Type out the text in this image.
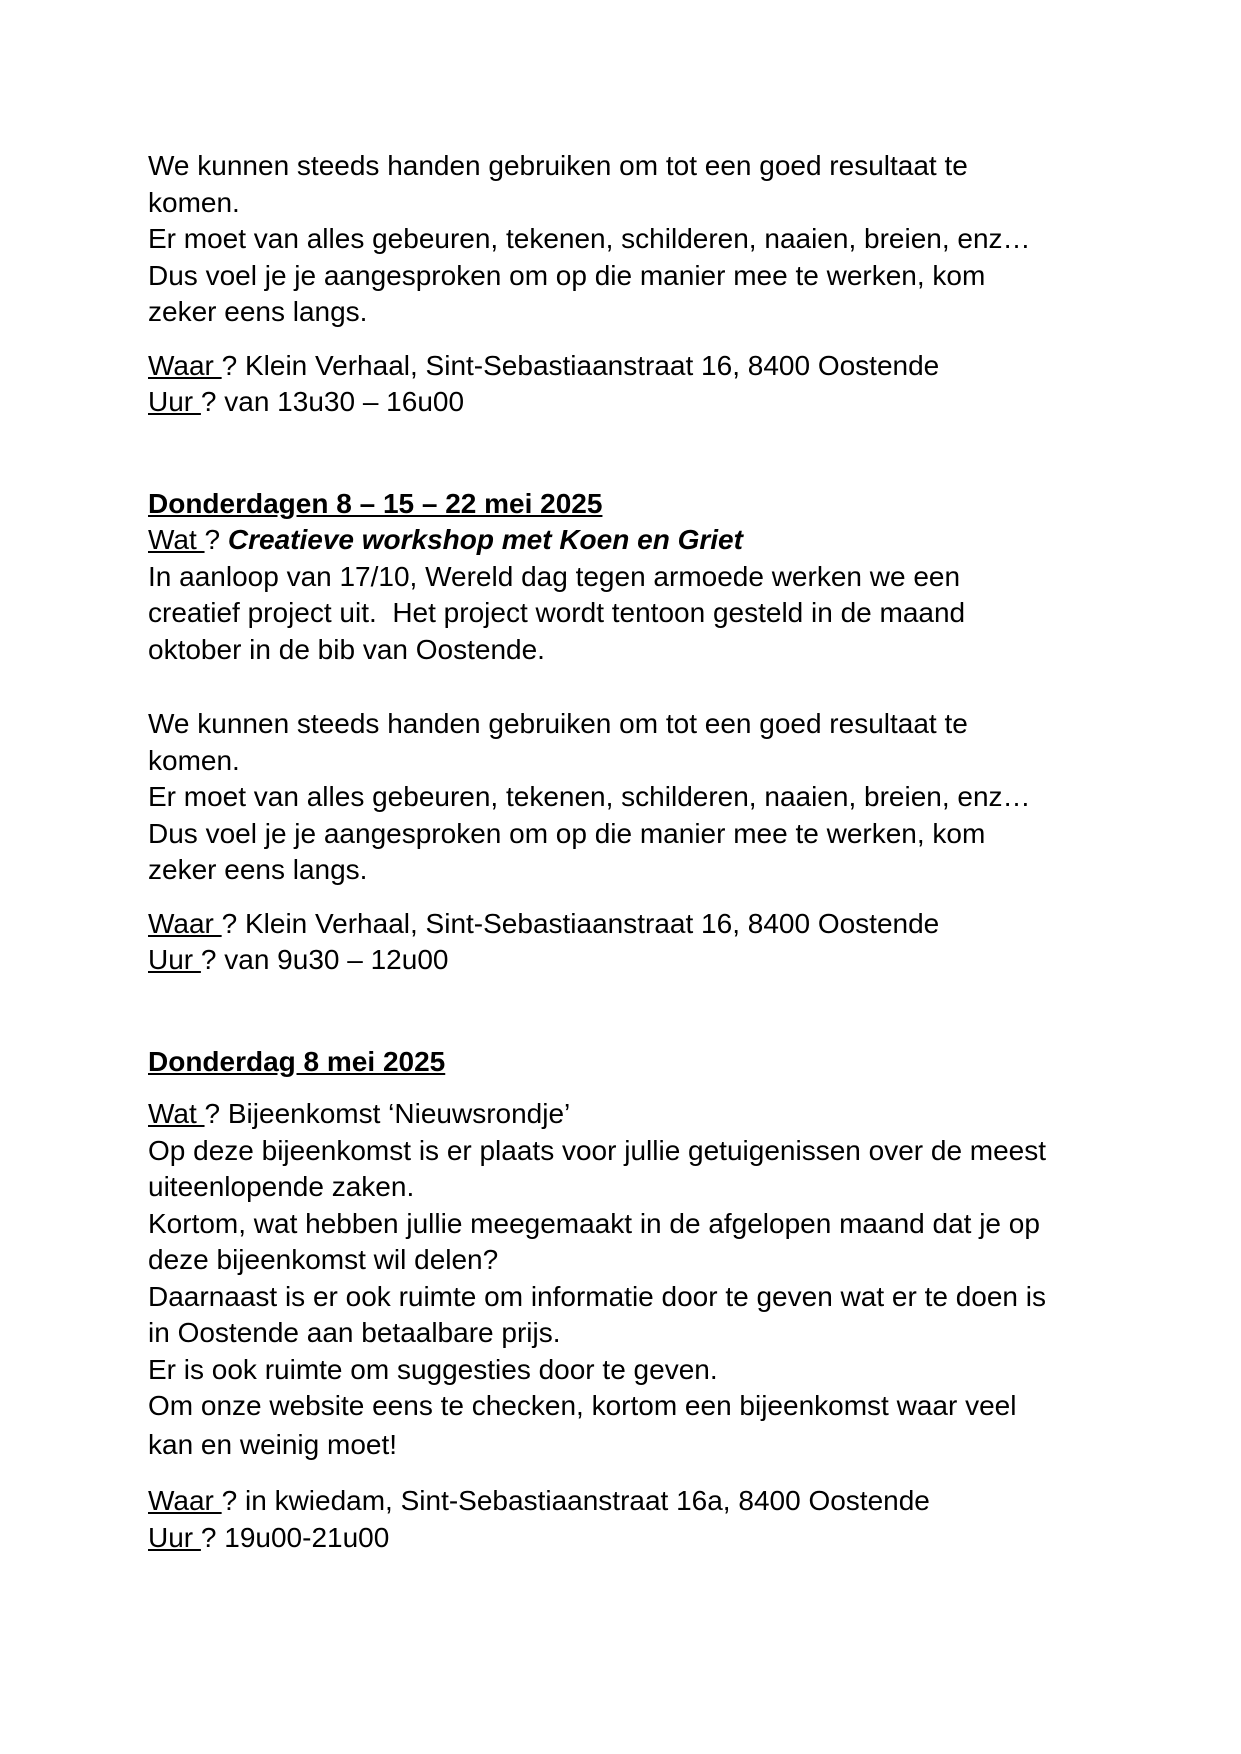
We kunnen steeds handen gebruiken om tot een goed resultaat te
komen.
Er moet van alles gebeuren, tekenen, schilderen, naaien, breien, enz…
Dus voel je je aangesproken om op die manier mee te werken, kom
zeker eens langs.
Waar ? Klein Verhaal, Sint-Sebastiaanstraat 16, 8400 Oostende
Uur ? van 13u30 – 16u00
Donderdagen 8 – 15 – 22 mei 2025
Wat ? Creatieve workshop met Koen en Griet
In aanloop van 17/10, Wereld dag tegen armoede werken we een
creatief project uit.  Het project wordt tentoon gesteld in de maand
oktober in de bib van Oostende.
We kunnen steeds handen gebruiken om tot een goed resultaat te
komen.
Er moet van alles gebeuren, tekenen, schilderen, naaien, breien, enz…
Dus voel je je aangesproken om op die manier mee te werken, kom
zeker eens langs.
Waar ? Klein Verhaal, Sint-Sebastiaanstraat 16, 8400 Oostende
Uur ? van 9u30 – 12u00
Donderdag 8 mei 2025
Wat ? Bijeenkomst ‘Nieuwsrondje’
Op deze bijeenkomst is er plaats voor jullie getuigenissen over de meest
uiteenlopende zaken.
Kortom, wat hebben jullie meegemaakt in de afgelopen maand dat je op
deze bijeenkomst wil delen?
Daarnaast is er ook ruimte om informatie door te geven wat er te doen is
in Oostende aan betaalbare prijs.
Er is ook ruimte om suggesties door te geven.
Om onze website eens te checken, kortom een bijeenkomst waar veel
kan en weinig moet!
Waar ? in kwiedam, Sint-Sebastiaanstraat 16a, 8400 Oostende
Uur ? 19u00-21u00
